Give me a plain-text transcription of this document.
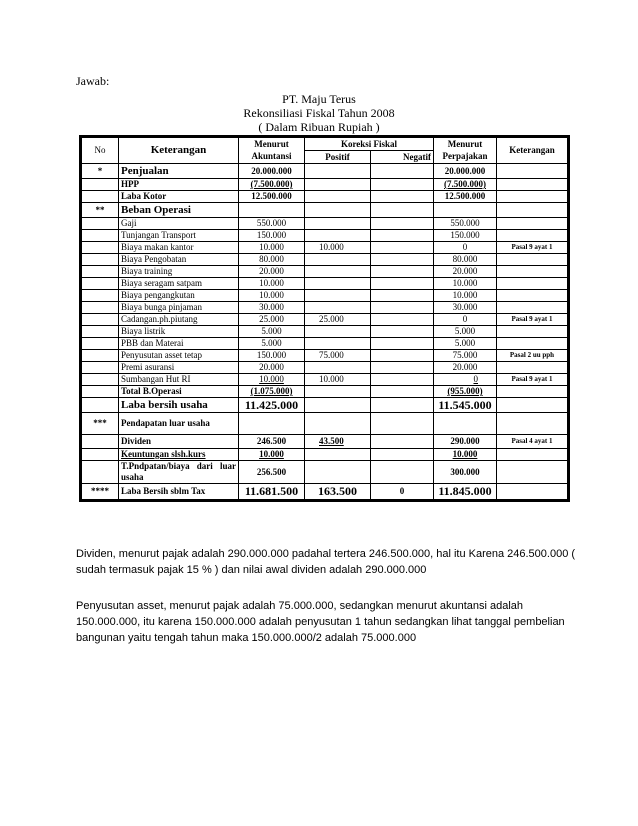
Jawab:
PT. Maju Terus
Rekonsiliasi Fiskal Tahun 2008
( Dalam Ribuan Rupiah )
No	Keterangan	Menurut	Koreksi Fiskal		Menurut	Keterangan
		Akuntansi	Positif	Negatif	Perpajakan	
*	Penjualan	20.000.000			20.000.000	
	HPP	(7.500.000)			(7.500.000)	
	Laba Kotor	12.500.000			12.500.000	
**	Beban Operasi					
	Gaji	550.000			550.000	
	Tunjangan Transport	150.000			150.000	
	Biaya makan kantor	10.000	10.000		0	Pasal 9 ayat 1
	Biaya Pengobatan	80.000			80.000	
	Biaya training	20.000			20.000	
	Biaya seragam satpam	10.000			10.000	
	Biaya pengangkutan	10.000			10.000	
	Biaya bunga pinjaman	30.000			30.000	
	Cadangan.ph.piutang	25.000	25.000		0	Pasal 9 ayat 1
	Biaya listrik	5.000			5.000	
	PBB dan Materai	5.000			5.000	
	Penyusutan asset tetap	150.000	75.000		75.000	Pasal 2 uu pph
	Premi asuransi	20.000			20.000	
	Sumbangan Hut RI	10.000	10.000		0	Pasal 9 ayat 1
	Total B.Operasi	(1.075.000)			(955.000)	
	Laba bersih usaha	11.425.000			11.545.000	
***	Pendapatan luar usaha					
	Dividen	246.500	43.500		290.000	Pasal 4 ayat 1
	Keuntungan slsh.kurs	10.000			10.000	
	T.Pndpatan/biaya dari luar usaha	256.500			300.000	
****	Laba Bersih sblm Tax	11.681.500	163.500	0	11.845.000	
Dividen, menurut pajak adalah 290.000.000 padahal tertera 246.500.000, hal itu Karena 246.500.000 ( sudah termasuk pajak 15 % ) dan nilai awal dividen adalah 290.000.000
Penyusutan asset, menurut pajak adalah 75.000.000, sedangkan menurut akuntansi adalah 150.000.000, itu karena 150.000.000 adalah penyusutan 1 tahun sedangkan lihat tanggal pembelian bangunan yaitu tengah tahun maka 150.000.000/2 adalah 75.000.000
